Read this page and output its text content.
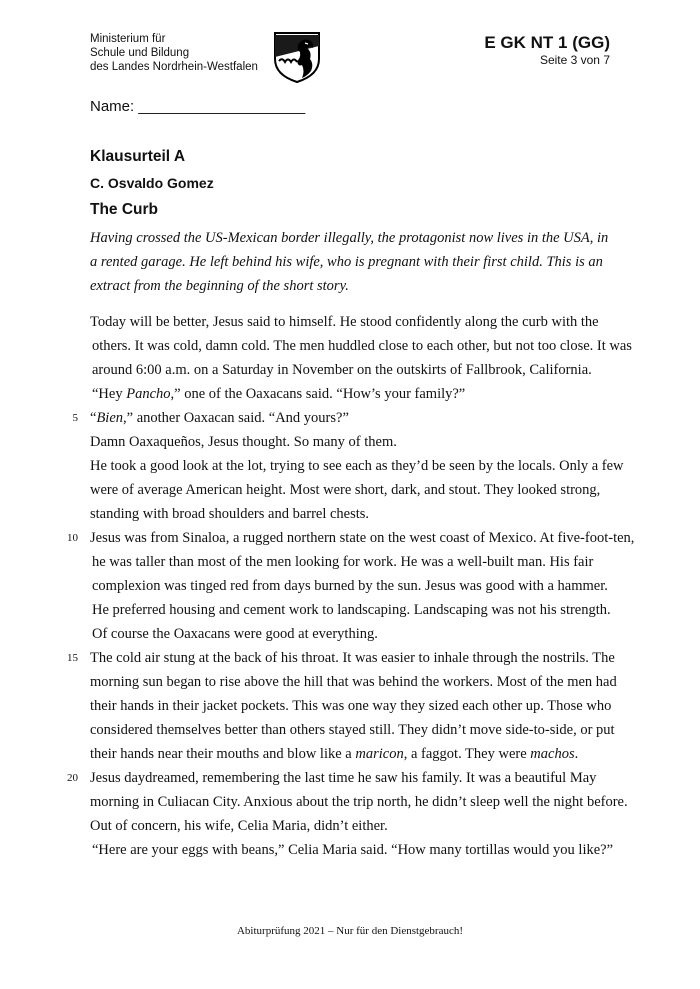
Ministerium für
Schule und Bildung
des Landes Nordrhein-Westfalen
E GK NT 1 (GG)
Seite 3 von 7
Name: ____________________
Klausurteil A
C. Osvaldo Gomez
The Curb
Having crossed the US-Mexican border illegally, the protagonist now lives in the USA, in
a rented garage. He left behind his wife, who is pregnant with their first child. This is an
extract from the beginning of the short story.
Today will be better, Jesus said to himself. He stood confidently along the curb with the
others. It was cold, damn cold. The men huddled close to each other, but not too close. It was
around 6:00 a.m. on a Saturday in November on the outskirts of Fallbrook, California.
“Hey Pancho,” one of the Oaxacans said. “How’s your family?”
5 “Bien,” another Oaxacan said. “And yours?”
Damn Oaxaqueños, Jesus thought. So many of them.
He took a good look at the lot, trying to see each as they’d be seen by the locals. Only a few
were of average American height. Most were short, dark, and stout. They looked strong,
standing with broad shoulders and barrel chests.
10 Jesus was from Sinaloa, a rugged northern state on the west coast of Mexico. At five-foot-ten,
he was taller than most of the men looking for work. He was a well-built man. His fair
complexion was tinged red from days burned by the sun. Jesus was good with a hammer.
He preferred housing and cement work to landscaping. Landscaping was not his strength.
Of course the Oaxacans were good at everything.
15 The cold air stung at the back of his throat. It was easier to inhale through the nostrils. The
morning sun began to rise above the hill that was behind the workers. Most of the men had
their hands in their jacket pockets. This was one way they sized each other up. Those who
considered themselves better than others stayed still. They didn’t move side-to-side, or put
their hands near their mouths and blow like a maricon, a faggot. They were machos.
20 Jesus daydreamed, remembering the last time he saw his family. It was a beautiful May
morning in Culiacan City. Anxious about the trip north, he didn’t sleep well the night before.
Out of concern, his wife, Celia Maria, didn’t either.
“Here are your eggs with beans,” Celia Maria said. “How many tortillas would you like?”
Abiturprüfung 2021 – Nur für den Dienstgebrauch!
